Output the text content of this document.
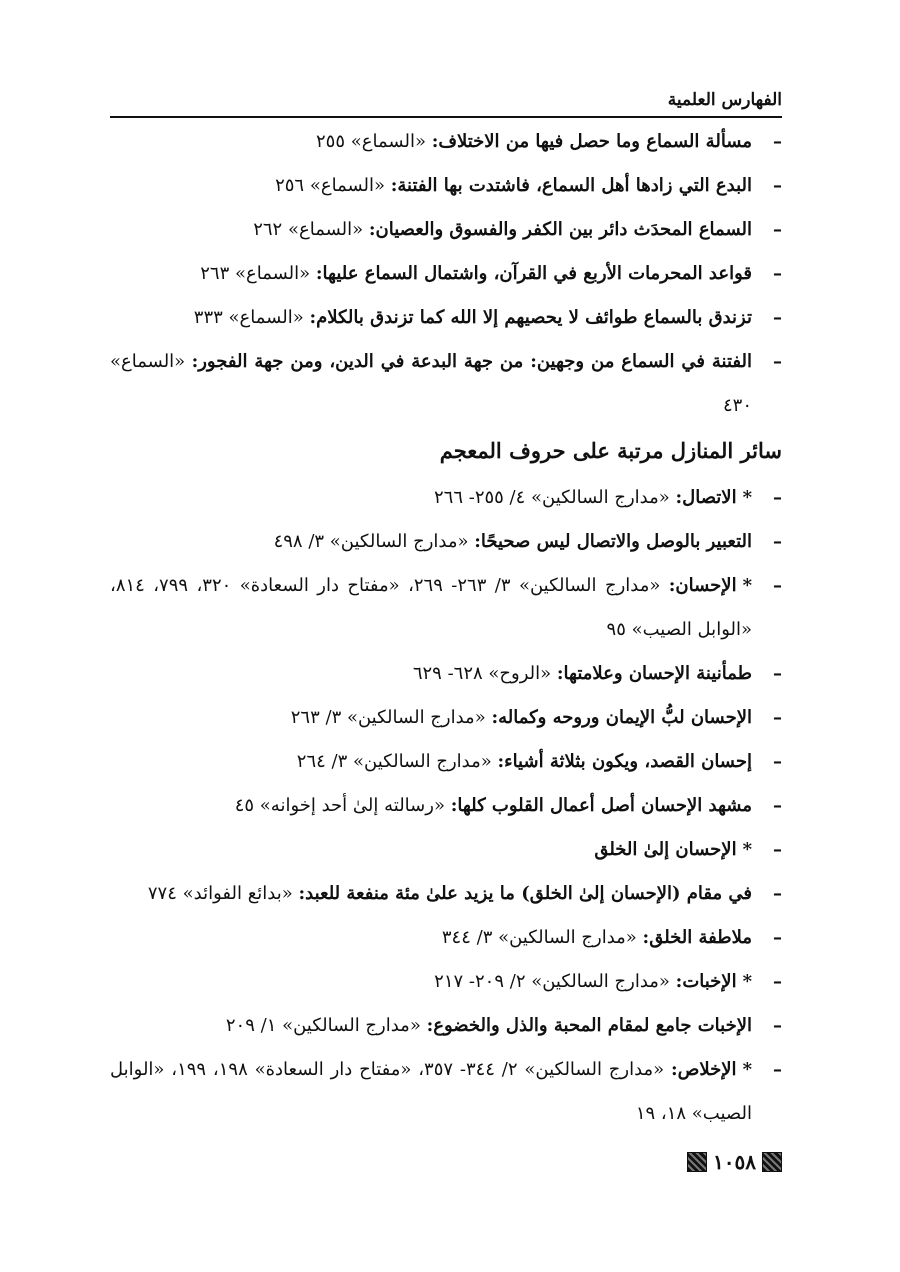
الفهارس العلمية
–
مسألة السماع وما حصل فيها من الاختلاف: «السماع» ٢٥٥
–
البدع التي زادها أهل السماع، فاشتدت بها الفتنة: «السماع» ٢٥٦
–
السماع المحدَث دائر بين الكفر والفسوق والعصيان: «السماع» ٢٦٢
–
قواعد المحرمات الأربع في القرآن، واشتمال السماع عليها: «السماع» ٢٦٣
–
تزندق بالسماع طوائف لا يحصيهم إلا الله كما تزندق بالكلام: «السماع» ٣٣٣
–
الفتنة في السماع من وجهين: من جهة البدعة في الدين، ومن جهة الفجور: «السماع» ٤٣٠
سائر المنازل مرتبة على حروف المعجم
–
*الاتصال: «مدارج السالكين» ٤/ ٢٥٥- ٢٦٦
–
التعبير بالوصل والاتصال ليس صحيحًا: «مدارج السالكين» ٣/ ٤٩٨
–
*الإحسان: «مدارج السالكين» ٣/ ٢٦٣- ٢٦٩، «مفتاح دار السعادة» ٣٢٠، ٧٩٩، ٨١٤، «الوابل الصيب» ٩٥
–
طمأنينة الإحسان وعلامتها: «الروح» ٦٢٨- ٦٢٩
–
الإحسان لبُّ الإيمان وروحه وكماله: «مدارج السالكين» ٣/ ٢٦٣
–
إحسان القصد، ويكون بثلاثة أشياء: «مدارج السالكين» ٣/ ٢٦٤
–
مشهد الإحسان أصل أعمال القلوب كلها: «رسالته إلىٰ أحد إخوانه» ٤٥
–
*الإحسان إلىٰ الخلق
–
في مقام (الإحسان إلىٰ الخلق) ما يزيد علىٰ مئة منفعة للعبد: «بدائع الفوائد» ٧٧٤
–
ملاطفة الخلق: «مدارج السالكين» ٣/ ٣٤٤
–
*الإخبات: «مدارج السالكين» ٢/ ٢٠٩- ٢١٧
–
الإخبات جامع لمقام المحبة والذل والخضوع: «مدارج السالكين» ١/ ٢٠٩
–
*الإخلاص: «مدارج السالكين» ٢/ ٣٤٤- ٣٥٧، «مفتاح دار السعادة» ١٩٨، ١٩٩، «الوابل الصيب» ١٨، ١٩
١٠٥٨
